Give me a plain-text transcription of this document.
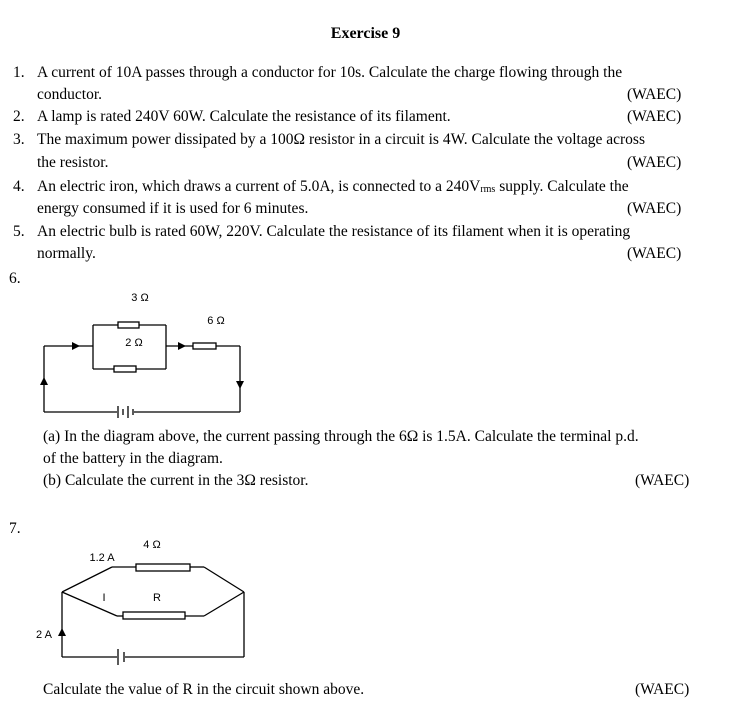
Exercise 9
1. A current of 10A passes through a conductor for 10s. Calculate the charge flowing through the
conductor.	(WAEC)
2. A lamp is rated 240V 60W. Calculate the resistance of its filament.	(WAEC)
3. The maximum power dissipated by a 100Ω resistor in a circuit is 4W. Calculate the voltage across
the resistor.	(WAEC)
4. An electric iron, which draws a current of 5.0A, is connected to a $240V_{rms}$ supply. Calculate the
energy consumed if it is used for 6 minutes.	(WAEC)
5. An electric bulb is rated 60W, 220V. Calculate the resistance of its filament when it is operating
normally.	(WAEC)
6.
3 Ω
2 Ω
6 Ω
(a) In the diagram above, the current passing through the 6Ω is 1.5A. Calculate the terminal p.d.
of the battery in the diagram.
(b) Calculate the current in the 3Ω resistor.	(WAEC)
7.
4 Ω
1.2 A
I	R
2 A
Calculate the value of R in the circuit shown above.	(WAEC)
